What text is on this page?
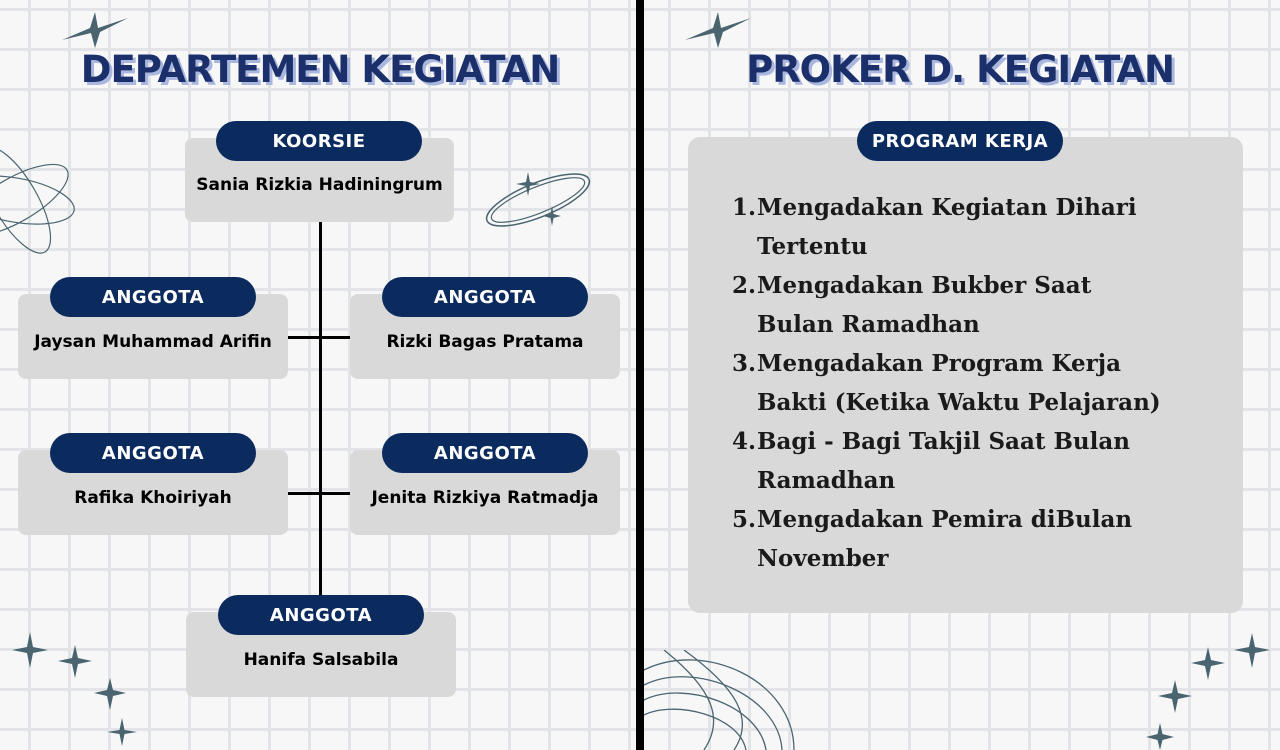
DEPARTEMEN KEGIATAN
Sania Rizkia Hadiningrum
KOORSIE
Jaysan Muhammad Arifin
ANGGOTA
Rizki Bagas Pratama
ANGGOTA
Rafika Khoiriyah
ANGGOTA
Jenita Rizkiya Ratmadja
ANGGOTA
Hanifa Salsabila
ANGGOTA
PROKER D. KEGIATAN
PROGRAM KERJA
1. Mengadakan Kegiatan Dihari
Tertentu
2. Mengadakan Bukber Saat
Bulan Ramadhan
3. Mengadakan Program Kerja
Bakti (Ketika Waktu Pelajaran)
4. Bagi - Bagi Takjil Saat Bulan
Ramadhan
5. Mengadakan Pemira diBulan
November
